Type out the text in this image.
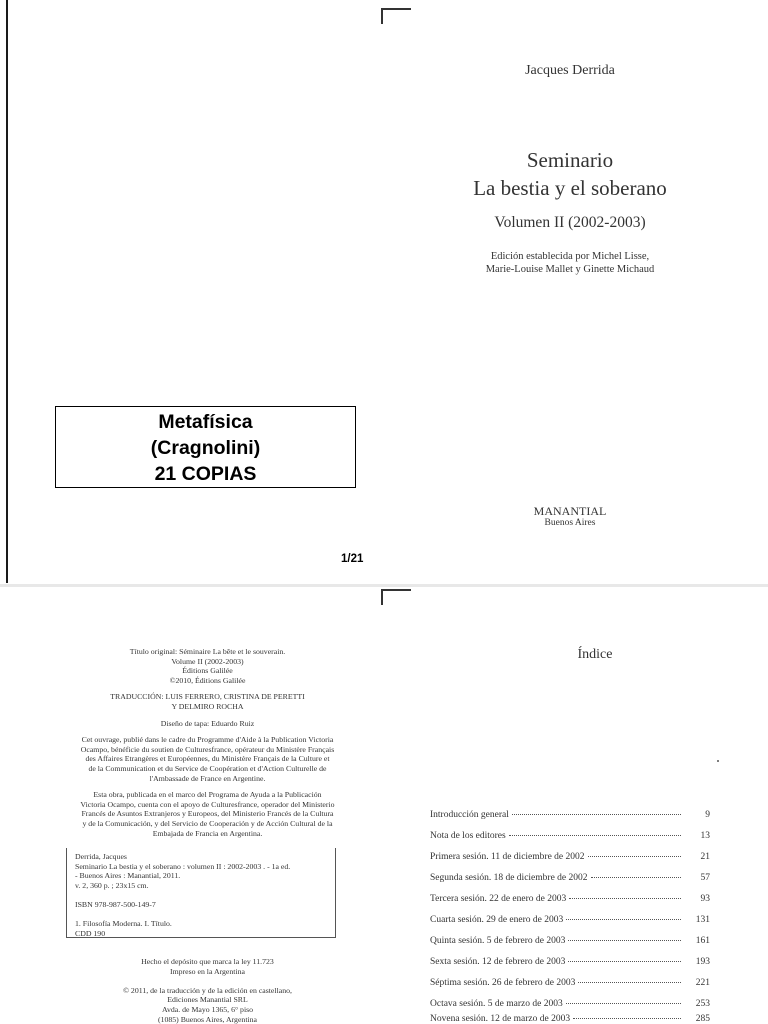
Jacques Derrida
Seminario
La bestia y el soberano
Volumen II (2002-2003)
Edición establecida por Michel Lisse,
Marie-Louise Mallet y Ginette Michaud
Metafísica
(Cragnolini)
21 COPIAS
1/21
MANANTIAL
Buenos Aires
Título original: Séminaire La bête et le souverain.
Volume II (2002-2003)
Éditions Galilée
©2010, Éditions Galilée
TRADUCCIÓN: LUIS FERRERO, CRISTINA DE PERETTI
Y DELMIRO ROCHA
Diseño de tapa: Eduardo Ruiz
Cet ouvrage, publié dans le cadre du Programme d'Aide à la Publication Victoria
Ocampo, bénéficie du soutien de Culturesfrance, opérateur du Ministère Français
des Affaires Etrangères et Européennes, du Ministère Français de la Culture et
de la Communication et du Service de Coopération et d'Action Culturelle de
l'Ambassade de France en Argentine.
Esta obra, publicada en el marco del Programa de Ayuda a la Publicación
Victoria Ocampo, cuenta con el apoyo de Culturesfrance, operador del Ministerio
Francés de Asuntos Extranjeros y Europeos, del Ministerio Francés de la Cultura
y de la Comunicación, y del Servicio de Cooperación y de Acción Cultural de la
Embajada de Francia en Argentina.
Derrida, Jacques
Seminario La bestia y el soberano : volumen II : 2002-2003 . - 1a ed.
- Buenos Aires : Manantial, 2011.
v. 2, 360 p. ; 23x15 cm.
ISBN 978-987-500-149-7
1. Filosofía Moderna. I. Título.
CDD 190
Hecho el depósito que marca la ley 11.723
Impreso en la Argentina
© 2011, de la traducción y de la edición en castellano,
Ediciones Manantial SRL
Avda. de Mayo 1365, 6° piso
(1085) Buenos Aires, Argentina
Índice
Introducción general	9
Nota de los editores	13
Primera sesión. 11 de diciembre de 2002	21
Segunda sesión. 18 de diciembre de 2002	57
Tercera sesión. 22 de enero de 2003	93
Cuarta sesión. 29 de enero de 2003	131
Quinta sesión. 5 de febrero de 2003	161
Sexta sesión. 12 de febrero de 2003	193
Séptima sesión. 26 de febrero de 2003	221
Octava sesión. 5 de marzo de 2003	253
Novena sesión. 12 de marzo de 2003	285
